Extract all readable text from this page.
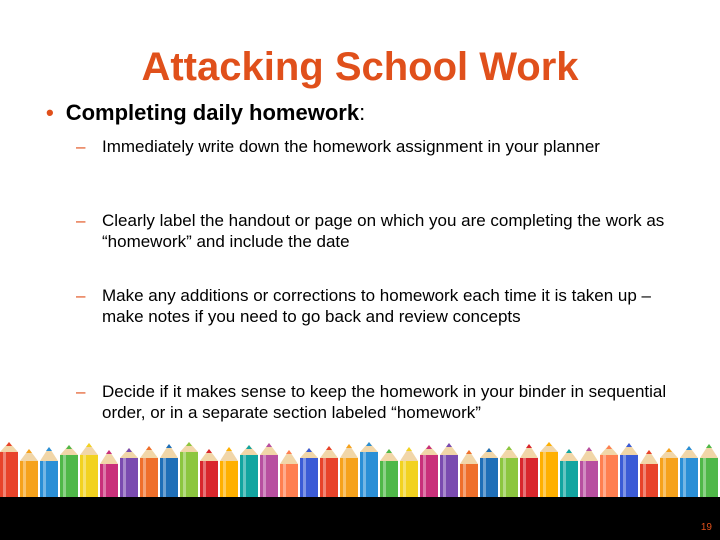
Attacking School Work
• Completing daily homework:
– Immediately write down the homework assignment in your planner
– Clearly label the handout or page on which you are completing the work as “homework” and include the date
– Make any additions or corrections to homework each time it is taken up – make notes if you need to go back and review concepts
– Decide if it makes sense to keep the homework in your binder in sequential order, or in a separate section labeled “homework”
19
